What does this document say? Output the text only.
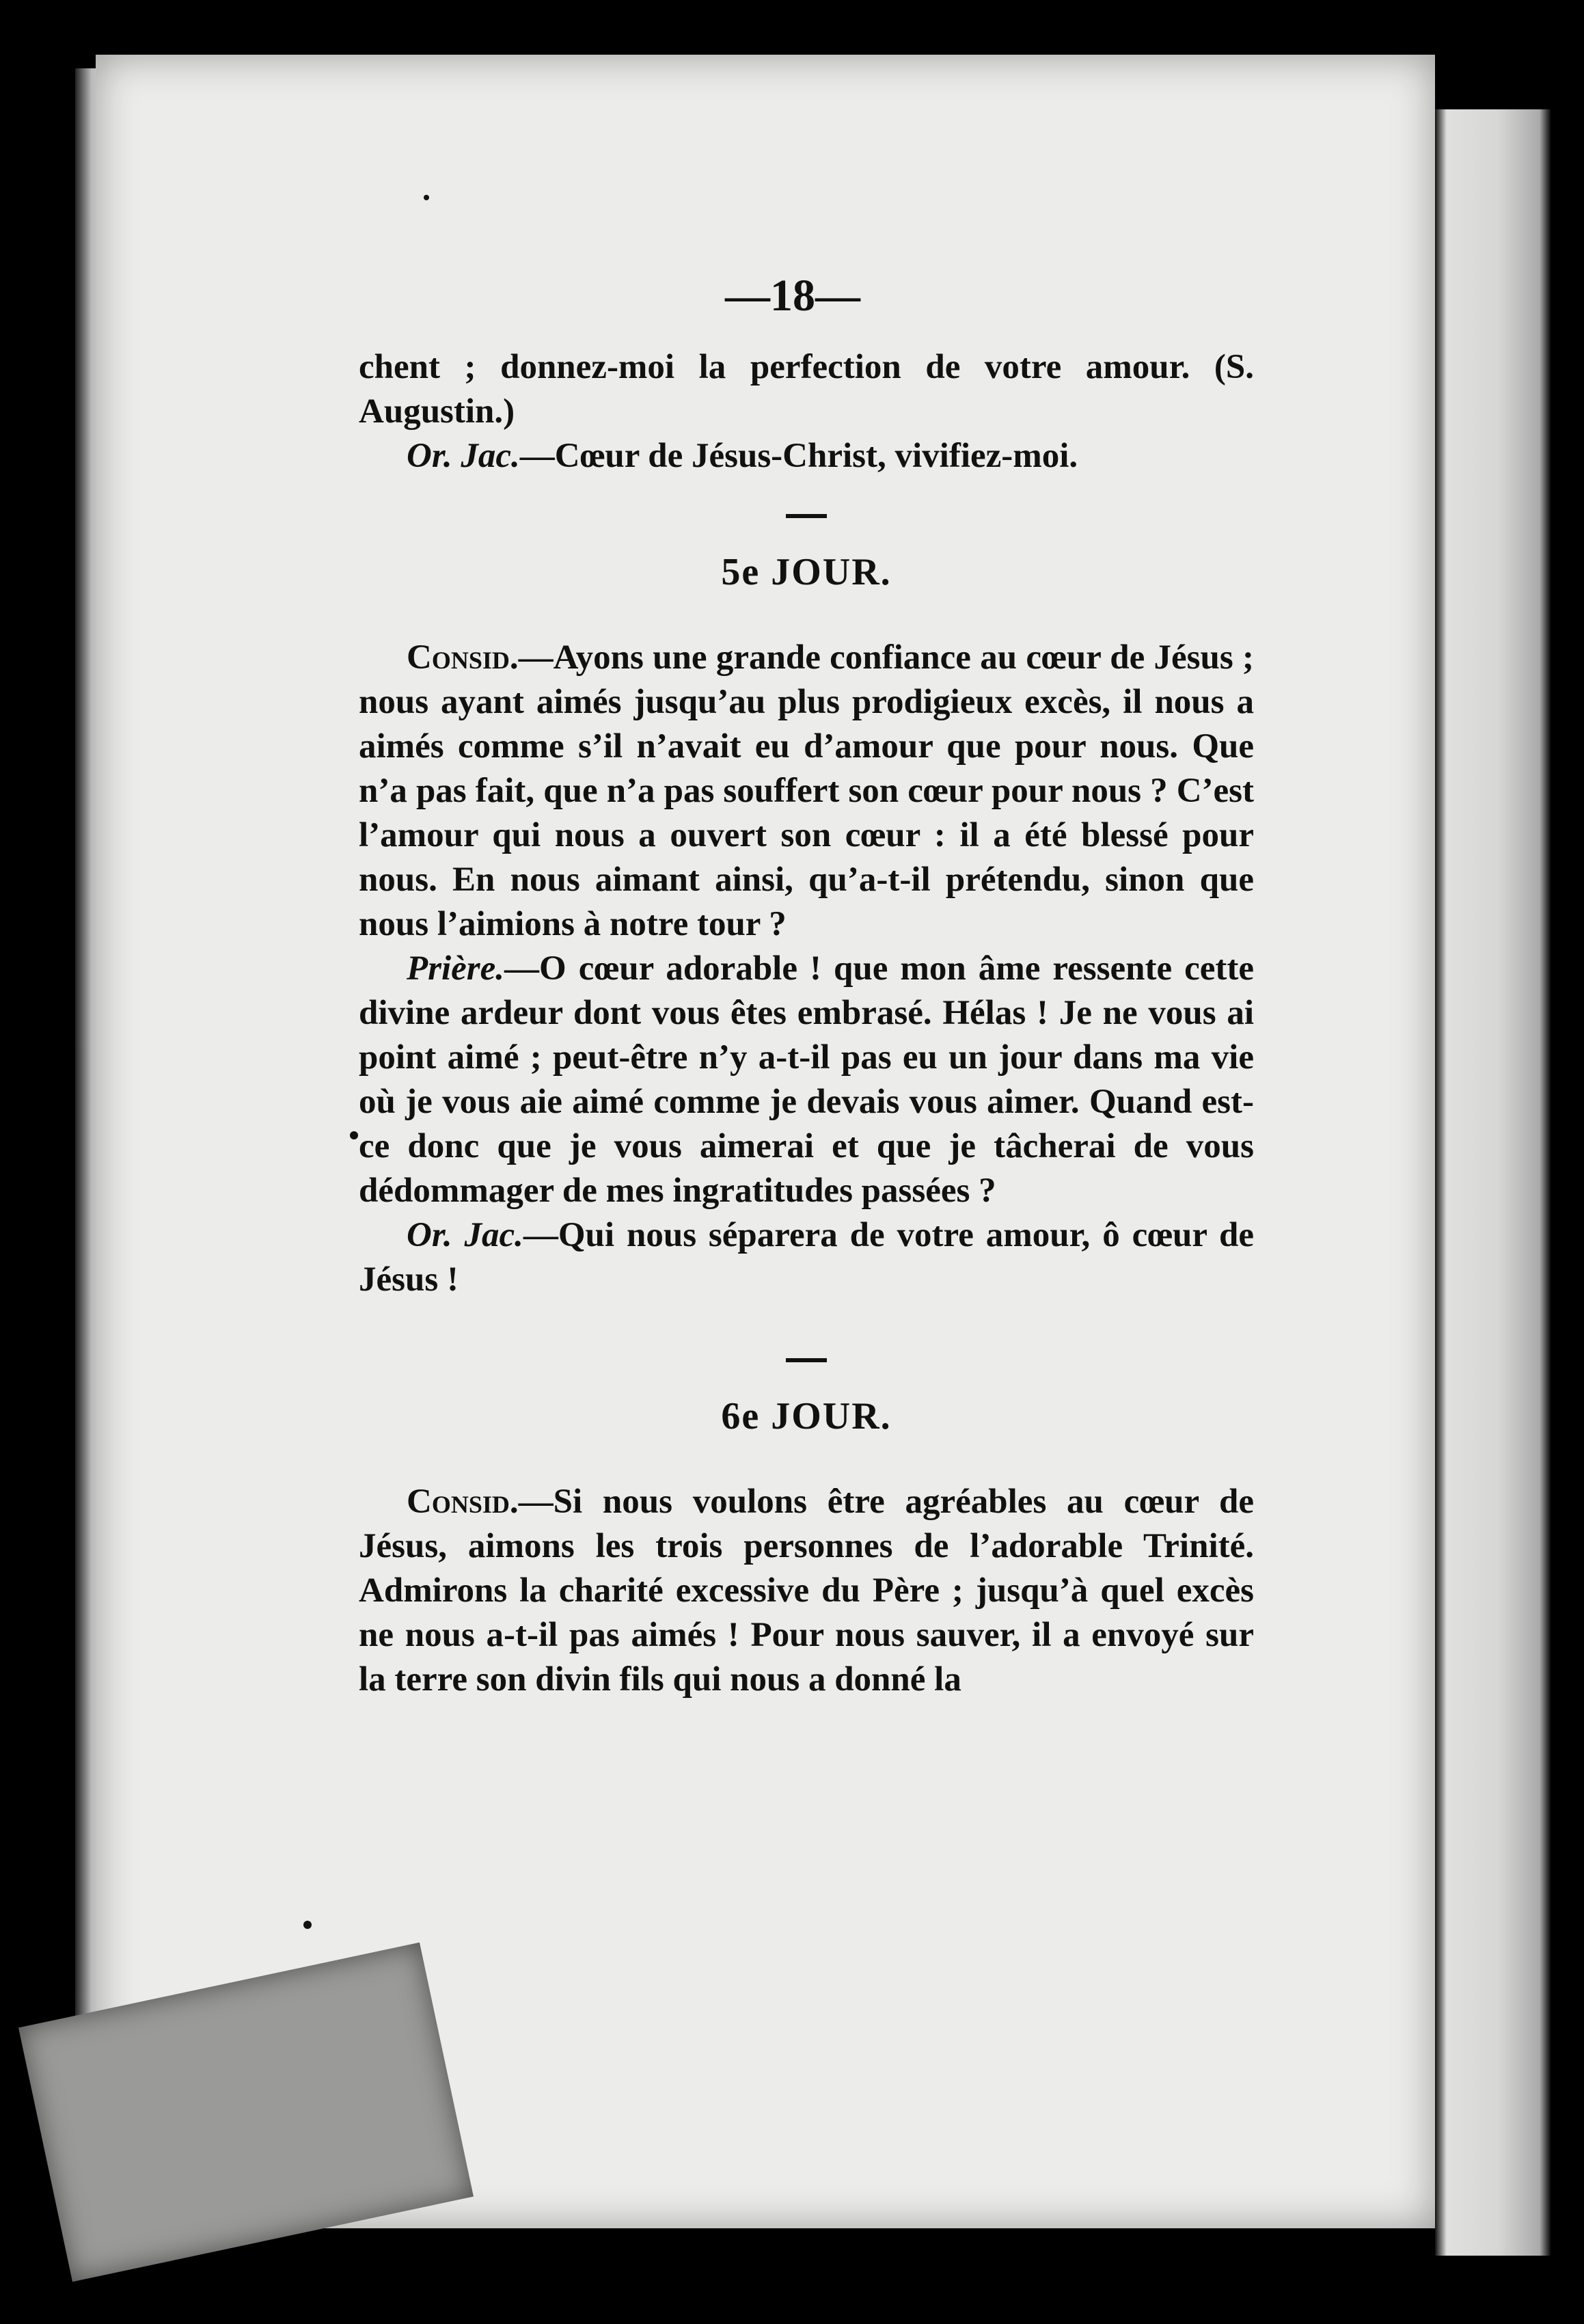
—18—

chent ; donnez-moi la perfection de votre amour. (S. Augustin.)

Or. Jac.—Cœur de Jésus-Christ, vivifiez-moi.

5e JOUR.

Consid.—Ayons une grande confiance au cœur de Jésus ; nous ayant aimés jusqu’au plus prodigieux excès, il nous a aimés comme s’il n’avait eu d’amour que pour nous. Que n’a pas fait, que n’a pas souffert son cœur pour nous ? C’est l’amour qui nous a ouvert son cœur : il a été blessé pour nous. En nous aimant ainsi, qu’a-t-il prétendu, sinon que nous l’aimions à notre tour ?

Prière.—O cœur adorable ! que mon âme ressente cette divine ardeur dont vous êtes embrasé. Hélas ! Je ne vous ai point aimé ; peut-être n’y a-t-il pas eu un jour dans ma vie où je vous aie aimé comme je devais vous aimer. Quand est-ce donc que je vous aimerai et que je tâcherai de vous dédommager de mes ingratitudes passées ?

Or. Jac.—Qui nous séparera de votre amour, ô cœur de Jésus !

6e JOUR.

Consid.—Si nous voulons être agréables au cœur de Jésus, aimons les trois personnes de l’adorable Trinité. Admirons la charité excessive du Père ; jusqu’à quel excès ne nous a-t-il pas aimés ! Pour nous sauver, il a envoyé sur la terre son divin fils qui nous a donné la
